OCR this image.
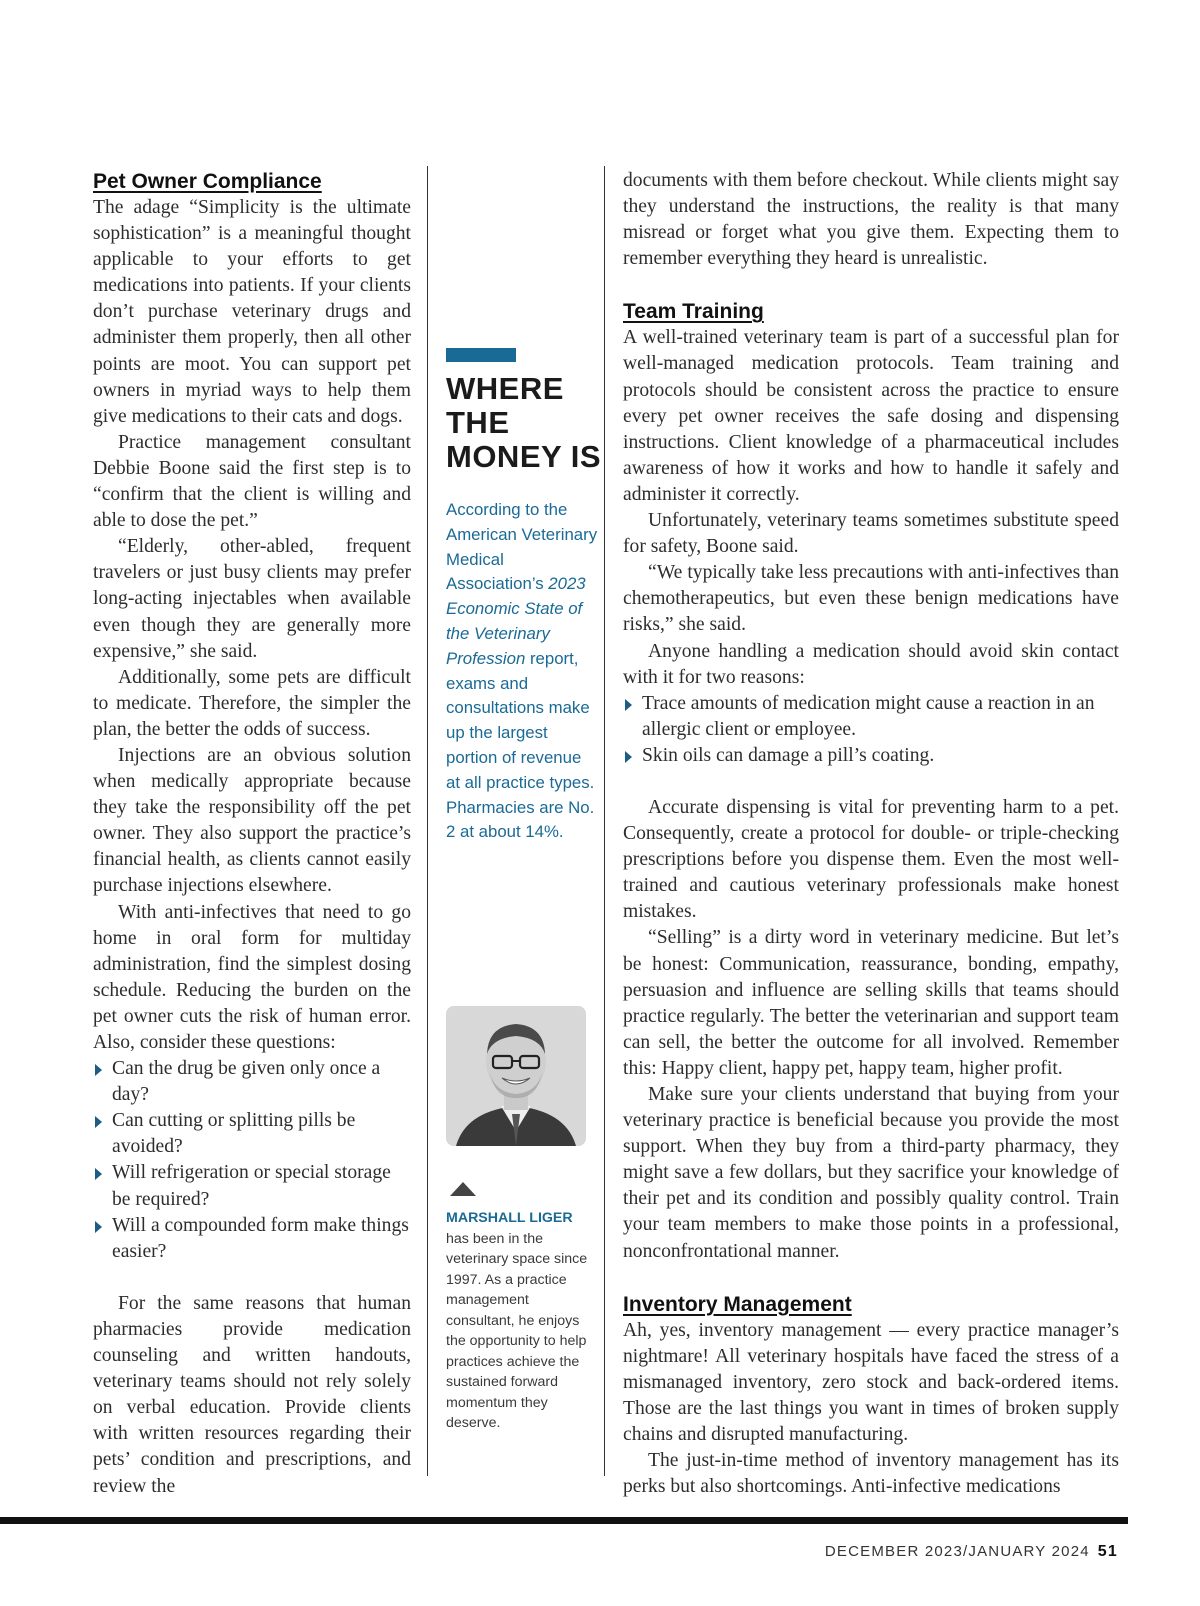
Pet Owner Compliance

The adage “Simplicity is the ultimate sophistication” is a meaningful thought applicable to your efforts to get medications into patients. If your clients don’t purchase veterinary drugs and administer them properly, then all other points are moot. You can support pet owners in myriad ways to help them give medications to their cats and dogs.

Practice management consultant Debbie Boone said the first step is to “confirm that the client is willing and able to dose the pet.”

“Elderly, other-abled, frequent travelers or just busy clients may prefer long-acting injectables when available even though they are generally more expensive,” she said.

Additionally, some pets are difficult to medicate. Therefore, the simpler the plan, the better the odds of success.

Injections are an obvious solution when medically appropriate because they take the responsibility off the pet owner. They also support the practice’s financial health, as clients cannot easily purchase injections elsewhere.

With anti-infectives that need to go home in oral form for multiday administration, find the simplest dosing schedule. Reducing the burden on the pet owner cuts the risk of human error. Also, consider these questions:

Can the drug be given only once a day?
Can cutting or splitting pills be avoided?
Will refrigeration or special storage be required?
Will a compounded form make things easier?

For the same reasons that human pharmacies provide medication counseling and written handouts, veterinary teams should not rely solely on verbal education. Provide clients with written resources regarding their pets’ condition and prescriptions, and review the

WHERE
THE
MONEY IS
According to the American Veterinary Medical Association’s 2023 Economic State of the Veterinary Profession report, exams and consultations make up the largest portion of revenue at all practice types. Pharmacies are No. 2 at about 14%.
MARSHALL LIGER
has been in the veterinary space since 1997. As a practice management consultant, he enjoys the opportunity to help practices achieve the sustained forward momentum they deserve.

documents with them before checkout. While clients might say they understand the instructions, the reality is that many misread or forget what you give them. Expecting them to remember everything they heard is unrealistic.

Team Training

A well-trained veterinary team is part of a successful plan for well-managed medication protocols. Team training and protocols should be consistent across the practice to ensure every pet owner receives the safe dosing and dispensing instructions. Client knowledge of a pharmaceutical includes awareness of how it works and how to handle it safely and administer it correctly.

Unfortunately, veterinary teams sometimes substitute speed for safety, Boone said.

“We typically take less precautions with anti-infectives than chemotherapeutics, but even these benign medications have risks,” she said.

Anyone handling a medication should avoid skin contact with it for two reasons:

Trace amounts of medication might cause a reaction in an allergic client or employee.
Skin oils can damage a pill’s coating.

Accurate dispensing is vital for preventing harm to a pet. Consequently, create a protocol for double- or triple-checking prescriptions before you dispense them. Even the most well-trained and cautious veterinary professionals make honest mistakes.

“Selling” is a dirty word in veterinary medicine. But let’s be honest: Communication, reassurance, bonding, empathy, persuasion and influence are selling skills that teams should practice regularly. The better the veterinarian and support team can sell, the better the outcome for all involved. Remember this: Happy client, happy pet, happy team, higher profit.

Make sure your clients understand that buying from your veterinary practice is beneficial because you provide the most support. When they buy from a third-party pharmacy, they might save a few dollars, but they sacrifice your knowledge of their pet and its condition and possibly quality control. Train your team members to make those points in a professional, nonconfrontational manner.

Inventory Management

Ah, yes, inventory management — every practice manager’s nightmare! All veterinary hospitals have faced the stress of a mismanaged inventory, zero stock and back-ordered items. Those are the last things you want in times of broken supply chains and disrupted manufacturing.

The just-in-time method of inventory management has its perks but also shortcomings. Anti-infective medications

DECEMBER 2023/JANUARY 2024 51
